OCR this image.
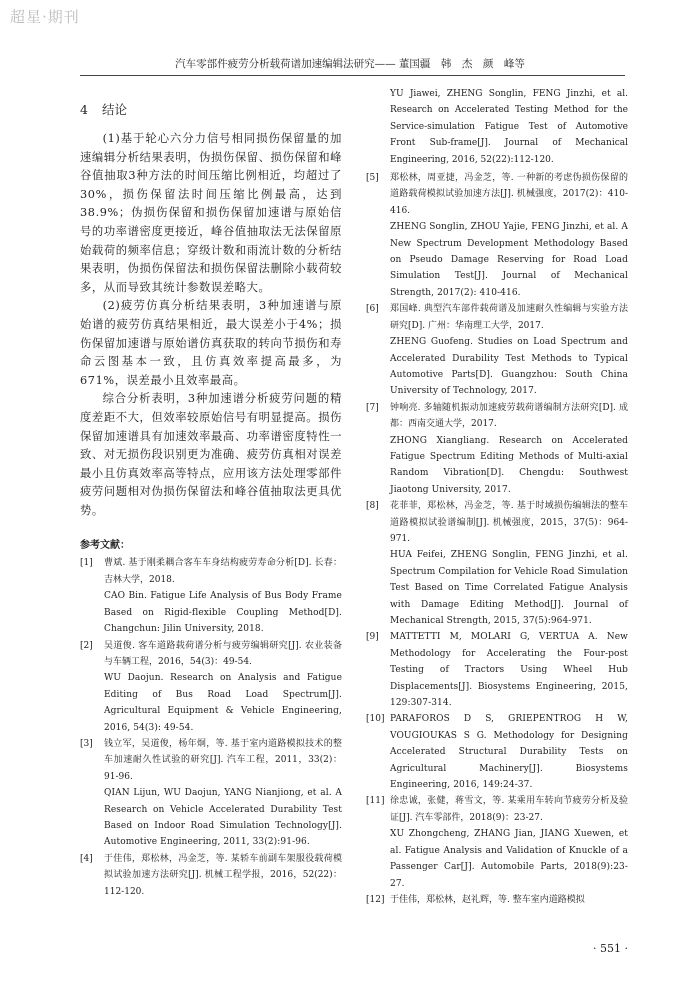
超星·期刊
汽车零部件疲劳分析载荷谱加速编辑法研究—— 董国疆　韩　杰　颜　峰等
4 结论

(1)基于轮心六分力信号相同损伤保留量的加速编辑分析结果表明，伪损伤保留、损伤保留和峰谷值抽取3种方法的时间压缩比例相近，均超过了30%，损伤保留法时间压缩比例最高，达到38.9%；伪损伤保留和损伤保留加速谱与原始信号的功率谱密度更接近，峰谷值抽取法无法保留原始载荷的频率信息；穿级计数和雨流计数的分析结果表明，伪损伤保留法和损伤保留法删除小载荷较多，从而导致其统计参数误差略大。

(2)疲劳仿真分析结果表明，3种加速谱与原始谱的疲劳仿真结果相近，最大误差小于4%；损伤保留加速谱与原始谱仿真获取的转向节损伤和寿命云图基本一致，且仿真效率提高最多，为671%，误差最小且效率最高。

综合分析表明，3种加速谱分析疲劳问题的精度差距不大，但效率较原始信号有明显提高。损伤保留加速谱具有加速效率最高、功率谱密度特性一致、对无损伤段识别更为准确、疲劳仿真相对误差最小且仿真效率高等特点，应用该方法处理零部件疲劳问题相对伪损伤保留法和峰谷值抽取法更具优势。

参考文献：
[1]	曹斌. 基于刚柔耦合客车车身结构疲劳寿命分析[D]. 长春：吉林大学，2018.

CAO Bin. Fatigue Life Analysis of Bus Body Frame Based on Rigid-flexible Coupling Method[D]. Changchun: Jilin University, 2018.

[2]	吴道俊. 客车道路载荷谱分析与疲劳编辑研究[J]. 农业装备与车辆工程，2016，54(3)：49-54.

WU Daojun. Research on Analysis and Fatigue Editing of Bus Road Load Spectrum[J]. Agricultural Equipment & Vehicle Engineering, 2016, 54(3): 49-54.

[3]	钱立军，吴道俊，杨年炯，等. 基于室内道路模拟技术的整车加速耐久性试验的研究[J]. 汽车工程，2011，33(2)：91-96.

QIAN Lijun, WU Daojun, YANG Nianjiong, et al. A Research on Vehicle Accelerated Durability Test Based on Indoor Road Simulation Technology[J]. Automotive Engineering, 2011, 33(2):91-96.

[4]	于佳伟，郑松林，冯金芝，等. 某轿车前副车架服役载荷模拟试验加速方法研究[J]. 机械工程学报，2016，52(22)：112-120.

YU Jiawei, ZHENG Songlin, FENG Jinzhi, et al. Research on Accelerated Testing Method for the Service-simulation Fatigue Test of Automotive Front Sub-frame[J]. Journal of Mechanical Engineering, 2016, 52(22):112-120.

[5]	郑松林，周亚捷，冯金芝，等. 一种新的考虑伪损伤保留的道路载荷模拟试验加速方法[J]. 机械强度，2017(2)：410-416.

ZHENG Songlin, ZHOU Yajie, FENG Jinzhi, et al. A New Spectrum Development Methodology Based on Pseudo Damage Reserving for Road Load Simulation Test[J]. Journal of Mechanical Strength, 2017(2): 410-416.

[6]	郑国峰. 典型汽车部件载荷谱及加速耐久性编辑与实验方法研究[D]. 广州：华南理工大学，2017.

ZHENG Guofeng. Studies on Load Spectrum and Accelerated Durability Test Methods to Typical Automotive Parts[D]. Guangzhou: South China University of Technology, 2017.

[7]	钟响亮. 多轴随机振动加速疲劳载荷谱编制方法研究[D]. 成都：西南交通大学，2017.

ZHONG Xiangliang. Research on Accelerated Fatigue Spectrum Editing Methods of Multi-axial Random Vibration[D]. Chengdu: Southwest Jiaotong University, 2017.

[8]	花菲菲，郑松林，冯金芝，等. 基于时域损伤编辑法的整车道路模拟试验谱编制[J]. 机械强度，2015，37(5)：964-971.

HUA Feifei, ZHENG Songlin, FENG Jinzhi, et al. Spectrum Compilation for Vehicle Road Simulation Test Based on Time Correlated Fatigue Analysis with Damage Editing Method[J]. Journal of Mechanical Strength, 2015, 37(5):964-971.

[9]	MATTETTI M, MOLARI G, VERTUA A. New Methodology for Accelerating the Four-post Testing of Tractors Using Wheel Hub Displacements[J]. Biosystems Engineering, 2015, 129:307-314.

[10] PARAFOROS D S, GRIEPENTROG H W, VOUGIOUKAS S G. Methodology for Designing Accelerated Structural Durability Tests on Agricultural Machinery[J]. Biosystems Engineering, 2016, 149:24-37.

[11] 徐忠诚，张健，蒋雪文，等. 某乘用车转向节疲劳分析及验证[J]. 汽车零部件，2018(9)：23-27.

XU Zhongcheng, ZHANG Jian, JIANG Xuewen, et al. Fatigue Analysis and Validation of Knuckle of a Passenger Car[J]. Automobile Parts, 2018(9):23-27.

[12] 于佳伟，郑松林，赵礼辉，等. 整车室内道路模拟

· 551 ·
